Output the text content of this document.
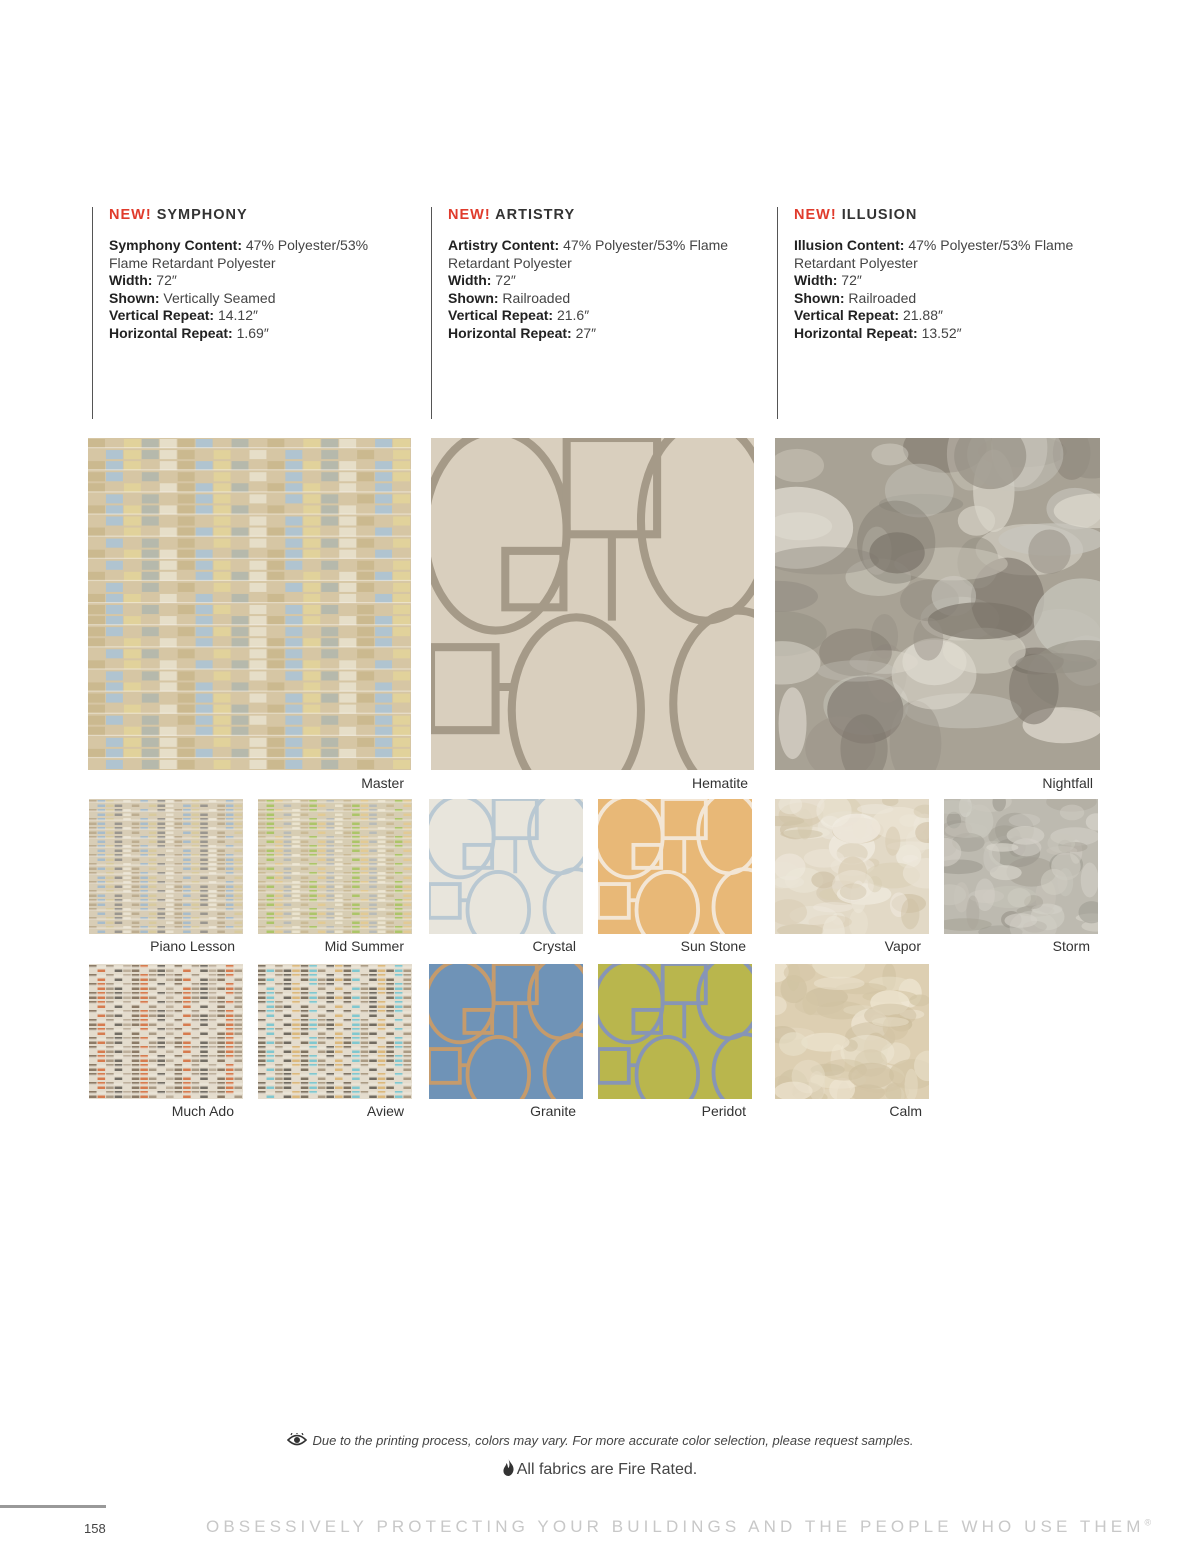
NEW! SYMPHONY
Symphony Content: 47% Polyester/53%
Flame Retardant Polyester
Width: 72″
Shown: Vertically Seamed
Vertical Repeat: 14.12″
Horizontal Repeat: 1.69″
NEW! ARTISTRY
Artistry Content: 47% Polyester/53% Flame
Retardant Polyester
Width: 72″
Shown: Railroaded
Vertical Repeat: 21.6″
Horizontal Repeat: 27″
NEW! ILLUSION
Illusion Content: 47% Polyester/53% Flame
Retardant Polyester
Width: 72″
Shown: Railroaded
Vertical Repeat: 21.88″
Horizontal Repeat: 13.52″
Master	Hematite	Nightfall
Piano Lesson	Mid Summer	Crystal	Sun Stone	Vapor	Storm
Much Ado	Aview	Granite	Peridot	Calm
Due to the printing process, colors may vary. For more accurate color selection, please request samples.
All fabrics are Fire Rated.
158	OBSESSIVELY PROTECTING YOUR BUILDINGS AND THE PEOPLE WHO USE THEM®
